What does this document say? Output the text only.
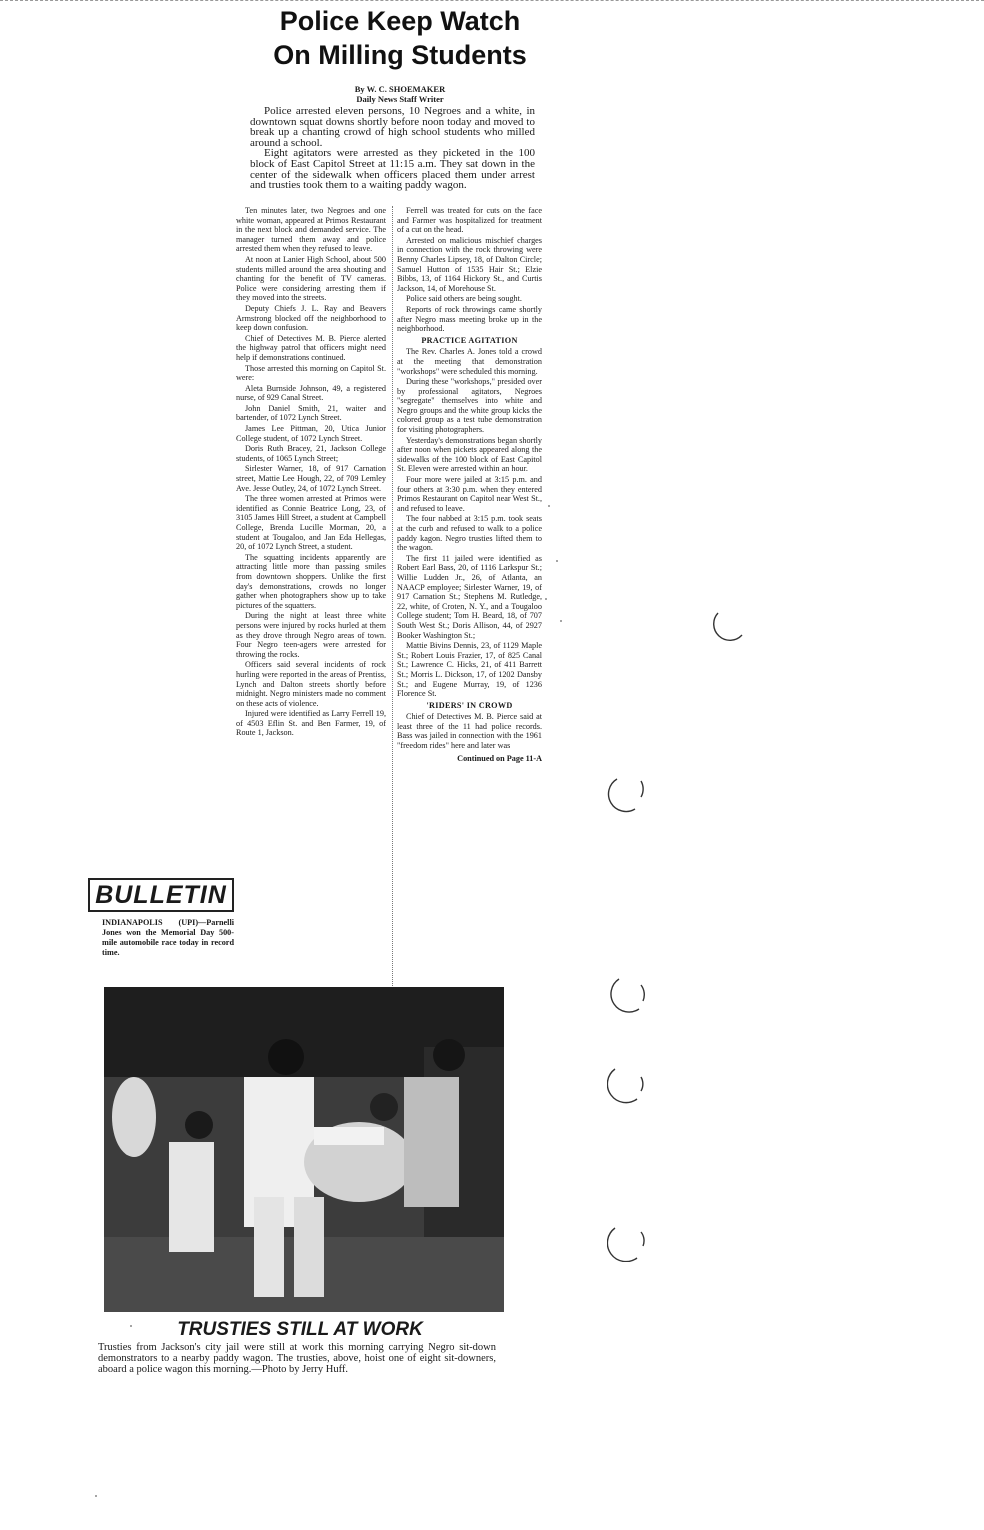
Police Keep Watch
On Milling Students
By W. C. SHOEMAKER
Daily News Staff Writer

Police arrested eleven persons, 10 Negroes and a white, in downtown squat downs shortly before noon today and moved to break up a chanting crowd of high school students who milled around a school.

Eight agitators were arrested as they picketed in the 100 block of East Capitol Street at 11:15 a.m. They sat down in the center of the sidewalk when officers placed them under arrest and trusties took them to a waiting paddy wagon.

Ten minutes later, two Negroes and one white woman, appeared at Primos Restaurant in the next block and demanded service. The manager turned them away and police arrested them when they refused to leave.

At noon at Lanier High School, about 500 students milled around the area shouting and chanting for the benefit of TV cameras. Police were considering arresting them if they moved into the streets.

Deputy Chiefs J. L. Ray and Beavers Armstrong blocked off the neighborhood to keep down confusion.

Chief of Detectives M. B. Pierce alerted the highway patrol that officers might need help if demonstrations continued.

Those arrested this morning on Capitol St. were:

Aleta Burnside Johnson, 49, a registered nurse, of 929 Canal Street.

John Daniel Smith, 21, waiter and bartender, of 1072 Lynch Street.

James Lee Pittman, 20, Utica Junior College student, of 1072 Lynch Street.

Doris Ruth Bracey, 21, Jackson College students, of 1065 Lynch Street;

Sirlester Warner, 18, of 917 Carnation street, Mattie Lee Hough, 22, of 709 Lemley Ave. Jesse Outley, 24, of 1072 Lynch Street.

The three women arrested at Primos were identified as Connie Beatrice Long, 23, of 3105 James Hill Street, a student at Campbell College, Brenda Lucille Morman, 20, a student at Tougaloo, and Jan Eda Hellegas, 20, of 1072 Lynch Street, a student.

The squatting incidents apparently are attracting little more than passing smiles from downtown shoppers. Unlike the first day's demonstrations, crowds no longer gather when photographers show up to take pictures of the squatters.

During the night at least three white persons were injured by rocks hurled at them as they drove through Negro areas of town. Four Negro teen-agers were arrested for throwing the rocks.

Officers said several incidents of rock hurling were reported in the areas of Prentiss, Lynch and Dalton streets shortly before midnight. Negro ministers made no comment on these acts of violence.

Injured were identified as Larry Ferrell 19, of 4503 Eflin St. and Ben Farmer, 19, of Route 1, Jackson.

Ferrell was treated for cuts on the face and Farmer was hospitalized for treatment of a cut on the head.

Arrested on malicious mischief charges in connection with the rock throwing were Benny Charles Lipsey, 18, of Dalton Circle; Samuel Hutton of 1535 Hair St.; Elzie Bibbs, 13, of 1164 Hickory St., and Curtis Jackson, 14, of Morehouse St.

Police said others are being sought.

Reports of rock throwings came shortly after Negro mass meeting broke up in the neighborhood.

PRACTICE AGITATION

The Rev. Charles A. Jones told a crowd at the meeting that demonstration "workshops" were scheduled this morning.

During these "workshops," presided over by professional agitators, Negroes "segregate" themselves into white and Negro groups and the white group kicks the colored group as a test tube demonstration for visiting photographers.

Yesterday's demonstrations began shortly after noon when pickets appeared along the sidewalks of the 100 block of East Capitol St. Eleven were arrested within an hour.

Four more were jailed at 3:15 p.m. and four others at 3:30 p.m. when they entered Primos Restaurant on Capitol near West St., and refused to leave.

The four nabbed at 3:15 p.m. took seats at the curb and refused to walk to a police paddy kagon. Negro trusties lifted them to the wagon.

The first 11 jailed were identified as Robert Earl Bass, 20, of 1116 Larkspur St.; Willie Ludden Jr., 26, of Atlanta, an NAACP employee; Sirlester Warner, 19, of 917 Carnation St.; Stephens M. Rutledge, 22, white, of Croten, N. Y., and a Tougaloo College student; Tom H. Beard, 18, of 707 South West St.; Doris Allison, 44, of 2927 Booker Washington St.;

Mattie Bivins Dennis, 23, of 1129 Maple St.; Robert Louis Frazier, 17, of 825 Canal St.; Lawrence C. Hicks, 21, of 411 Barrett St.; Morris L. Dickson, 17, of 1202 Dansby St.; and Eugene Murray, 19, of 1236 Florence St.

'RIDERS' IN CROWD

Chief of Detectives M. B. Pierce said at least three of the 11 had police records. Bass was jailed in connection with the 1961 "freedom rides" here and later was

Continued on Page 11-A

BULLETIN
INDIANAPOLIS (UPI)—Parnelli Jones won the Memorial Day 500-mile automobile race today in record time.
TRUSTIES STILL AT WORK
Trusties from Jackson's city jail were still at work this morning carrying Negro sit-down demonstrators to a nearby paddy wagon. The trusties, above, hoist one of eight sit-downers, aboard a police wagon this morning.—Photo by Jerry Huff.
